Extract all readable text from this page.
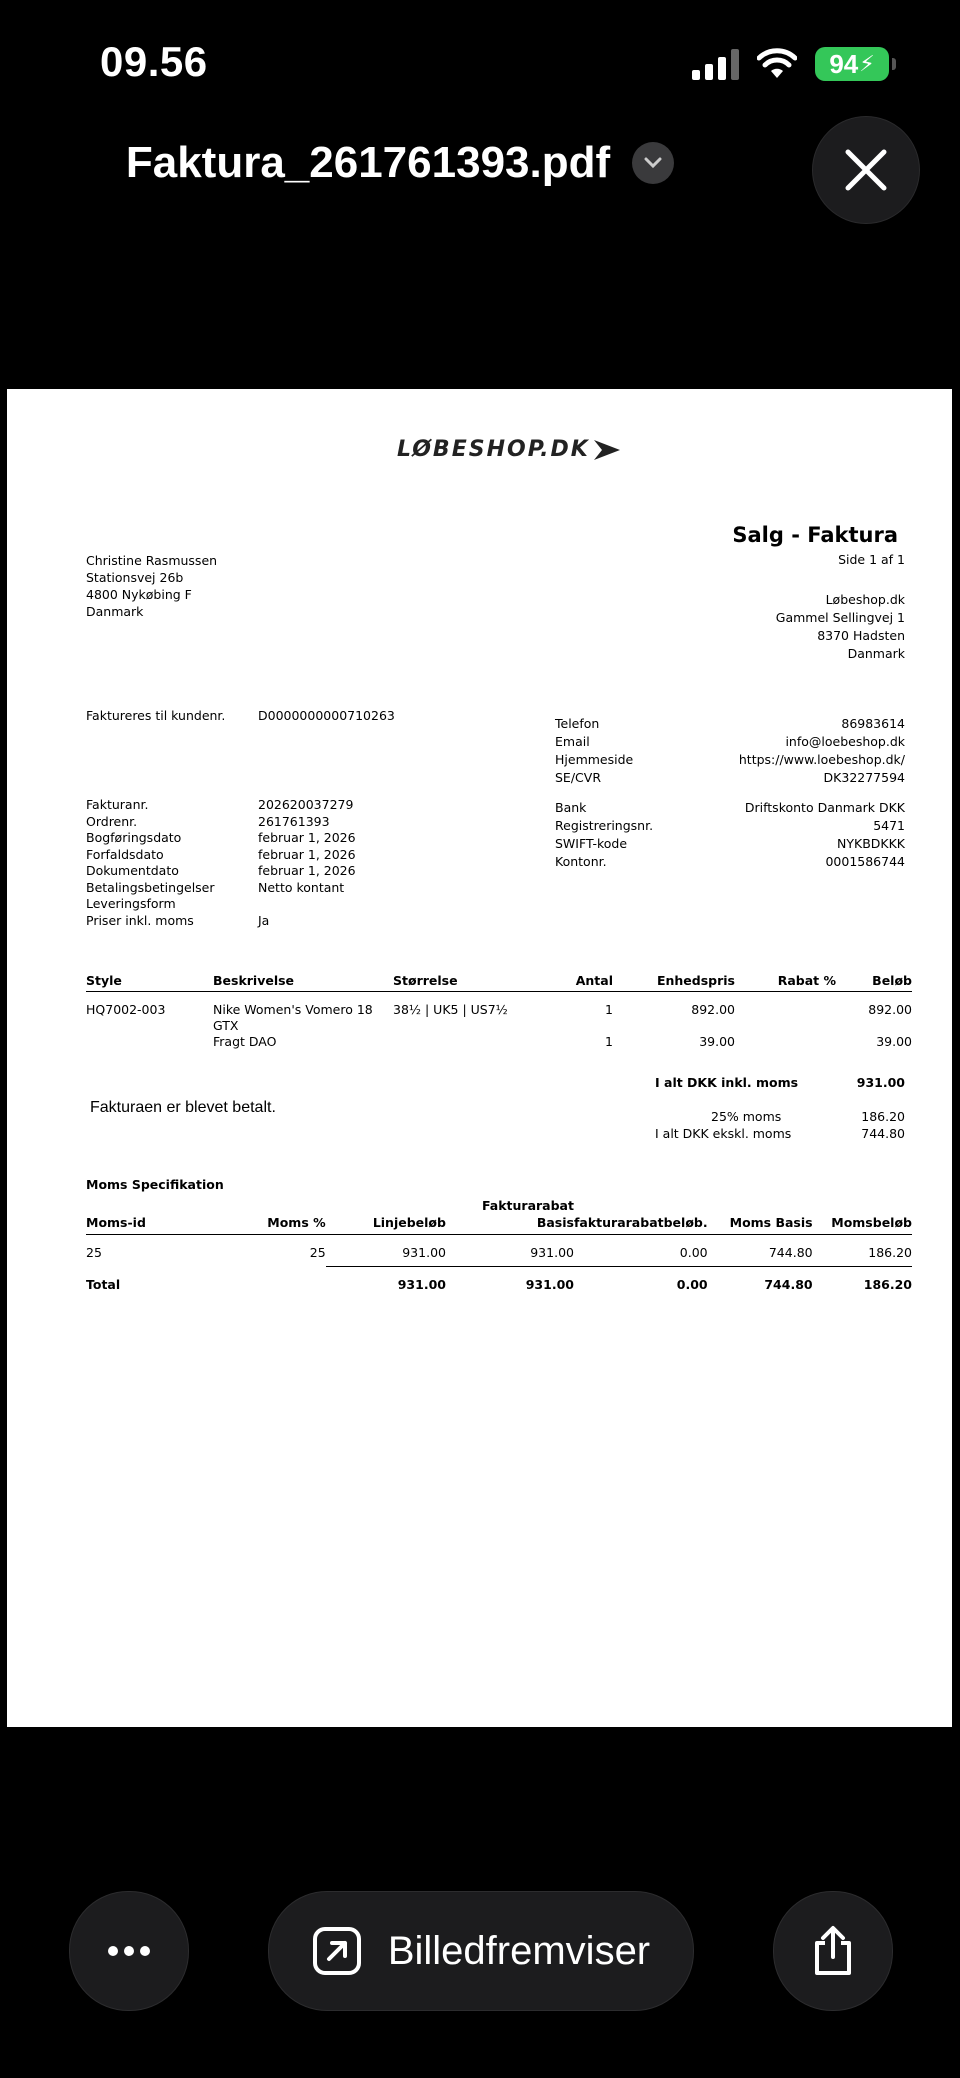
09.56	94 ⚡
Faktura_261761393.pdf
LØBESHOP.DK
Salg - Faktura
Side 1 af 1
Christine Rasmussen
Stationsvej 26b
4800 Nykøbing F
Danmark
Løbeshop.dk
Gammel Sellingvej 1
8370 Hadsten
Danmark
Faktureres til kundenr.	D0000000000710263
Telefon	86983614
Email	info@loebeshop.dk
Hjemmeside	https://www.loebeshop.dk/
SE/CVR	DK32277594
Fakturanr.	202620037279
Ordrenr.	261761393
Bogføringsdato	februar 1, 2026
Forfaldsdato	februar 1, 2026
Dokumentdato	februar 1, 2026
Betalingsbetingelser	Netto kontant
Leveringsform
Priser inkl. moms	Ja
Bank	Driftskonto Danmark DKK
Registreringsnr.	5471
SWIFT-kode	NYKBDKKK
Kontonr.	0001586744
Style	Beskrivelse	Størrelse	Antal	Enhedspris	Rabat %	Beløb
HQ7002-003	Nike Women's Vomero 18 GTX	38½ | UK5 | US7½	1	892.00		892.00
	Fragt DAO		1	39.00		39.00
I alt DKK inkl. moms	931.00
25% moms	186.20
I alt DKK ekskl. moms	744.80
Fakturaen er blevet betalt.
Moms Specifikation
Moms-id	Moms %	Linjebeløb	Fakturarabat Basis	fakturarabatbeløb.	Moms Basis	Momsbeløb
25	25	931.00	931.00	0.00	744.80	186.20
Total		931.00	931.00	0.00	744.80	186.20
Billedfremviser
